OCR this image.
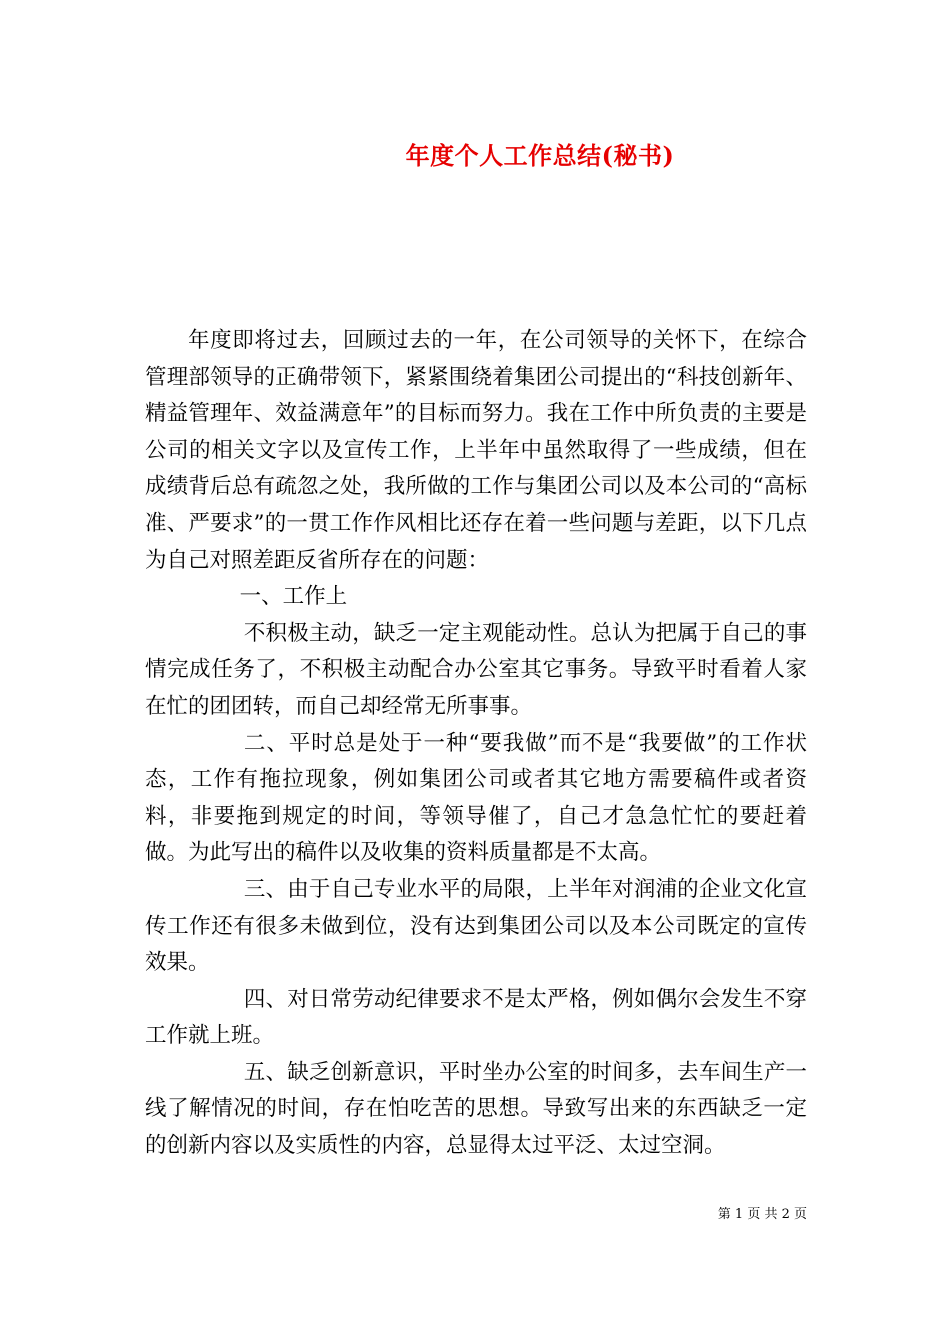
年度个人工作总结(秘书)

年度即将过去，回顾过去的一年，在公司领导的关怀下，在综合管理部领导的正确带领下，紧紧围绕着集团公司提出的“科技创新年、精益管理年、效益满意年”的目标而努力。我在工作中所负责的主要是公司的相关文字以及宣传工作，上半年中虽然取得了一些成绩，但在成绩背后总有疏忽之处，我所做的工作与集团公司以及本公司的“高标准、严要求”的一贯工作作风相比还存在着一些问题与差距，以下几点为自己对照差距反省所存在的问题：

一、工作上

不积极主动，缺乏一定主观能动性。总认为把属于自己的事情完成任务了，不积极主动配合办公室其它事务。导致平时看着人家在忙的团团转，而自己却经常无所事事。

二、平时总是处于一种“要我做”而不是“我要做”的工作状态，工作有拖拉现象，例如集团公司或者其它地方需要稿件或者资料，非要拖到规定的时间，等领导催了，自己才急急忙忙的要赶着做。为此写出的稿件以及收集的资料质量都是不太高。

三、由于自己专业水平的局限，上半年对润浦的企业文化宣传工作还有很多未做到位，没有达到集团公司以及本公司既定的宣传效果。

四、对日常劳动纪律要求不是太严格，例如偶尔会发生不穿工作就上班。

五、缺乏创新意识，平时坐办公室的时间多，去车间生产一线了解情况的时间，存在怕吃苦的思想。导致写出来的东西缺乏一定的创新内容以及实质性的内容，总显得太过平泛、太过空洞。

第 1 页 共 2 页
